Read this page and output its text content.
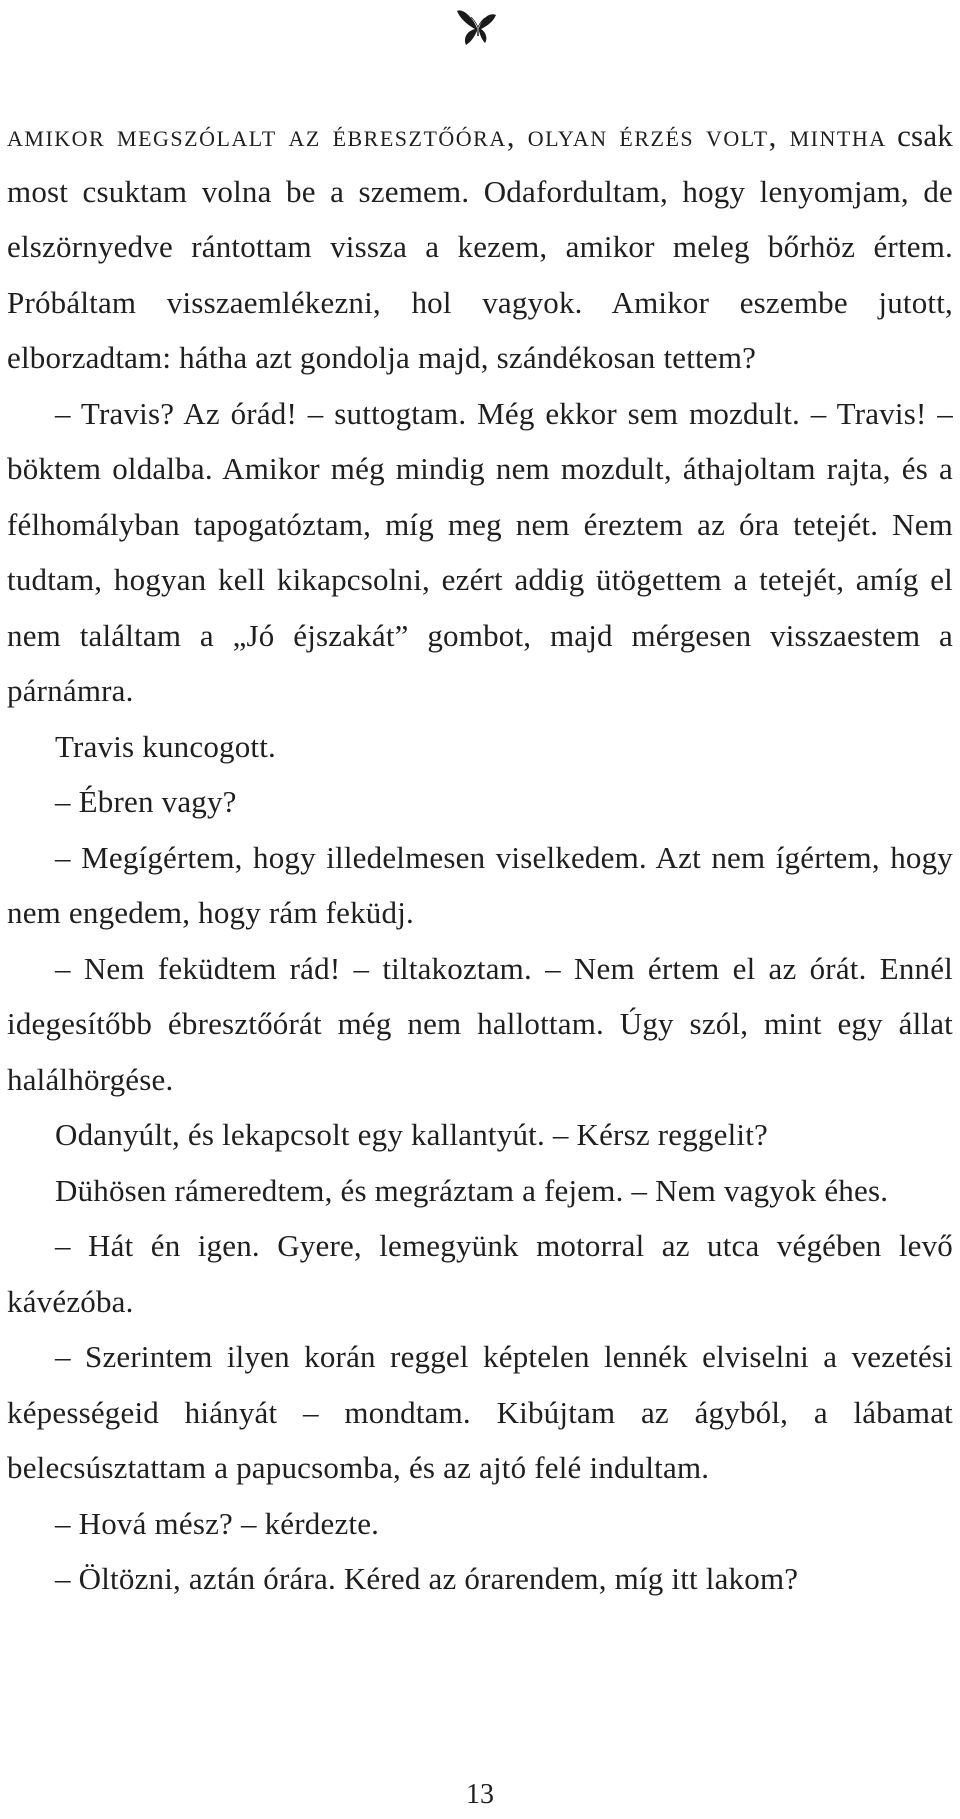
amikor megszólalt az ébresztőóra, olyan érzés volt, mintha csak most csuktam volna be a szemem. Odafordultam, hogy lenyomjam, de elszörnyedve rántottam vissza a kezem, amikor meleg bőrhöz értem. Próbáltam visszaemlékezni, hol vagyok. Amikor eszembe jutott, elborzadtam: hátha azt gondolja majd, szándékosan tettem?

– Travis? Az órád! – suttogtam. Még ekkor sem mozdult. – Travis! – böktem oldalba. Amikor még mindig nem mozdult, áthajoltam rajta, és a félhomályban tapogatóztam, míg meg nem éreztem az óra tetejét. Nem tudtam, hogyan kell kikapcsolni, ezért addig ütögettem a tetejét, amíg el nem találtam a „Jó éjszakát” gombot, majd mérgesen visszaestem a párnámra.

Travis kuncogott.

– Ébren vagy?

– Megígértem, hogy illedelmesen viselkedem. Azt nem ígértem, hogy nem engedem, hogy rám feküdj.

– Nem feküdtem rád! – tiltakoztam. – Nem értem el az órát. Ennél idegesítőbb ébresztőórát még nem hallottam. Úgy szól, mint egy állat halálhörgése.

Odanyúlt, és lekapcsolt egy kallantyút. – Kérsz reggelit?

Dühösen rámeredtem, és megráztam a fejem. – Nem vagyok éhes.

– Hát én igen. Gyere, lemegyünk motorral az utca végében levő kávézóba.

– Szerintem ilyen korán reggel képtelen lennék elviselni a vezetési képességeid hiányát – mondtam. Kibújtam az ágyból, a lábamat belecsúsztattam a papucsomba, és az ajtó felé indultam.

– Hová mész? – kérdezte.

– Öltözni, aztán órára. Kéred az órarendem, míg itt lakom?

13
